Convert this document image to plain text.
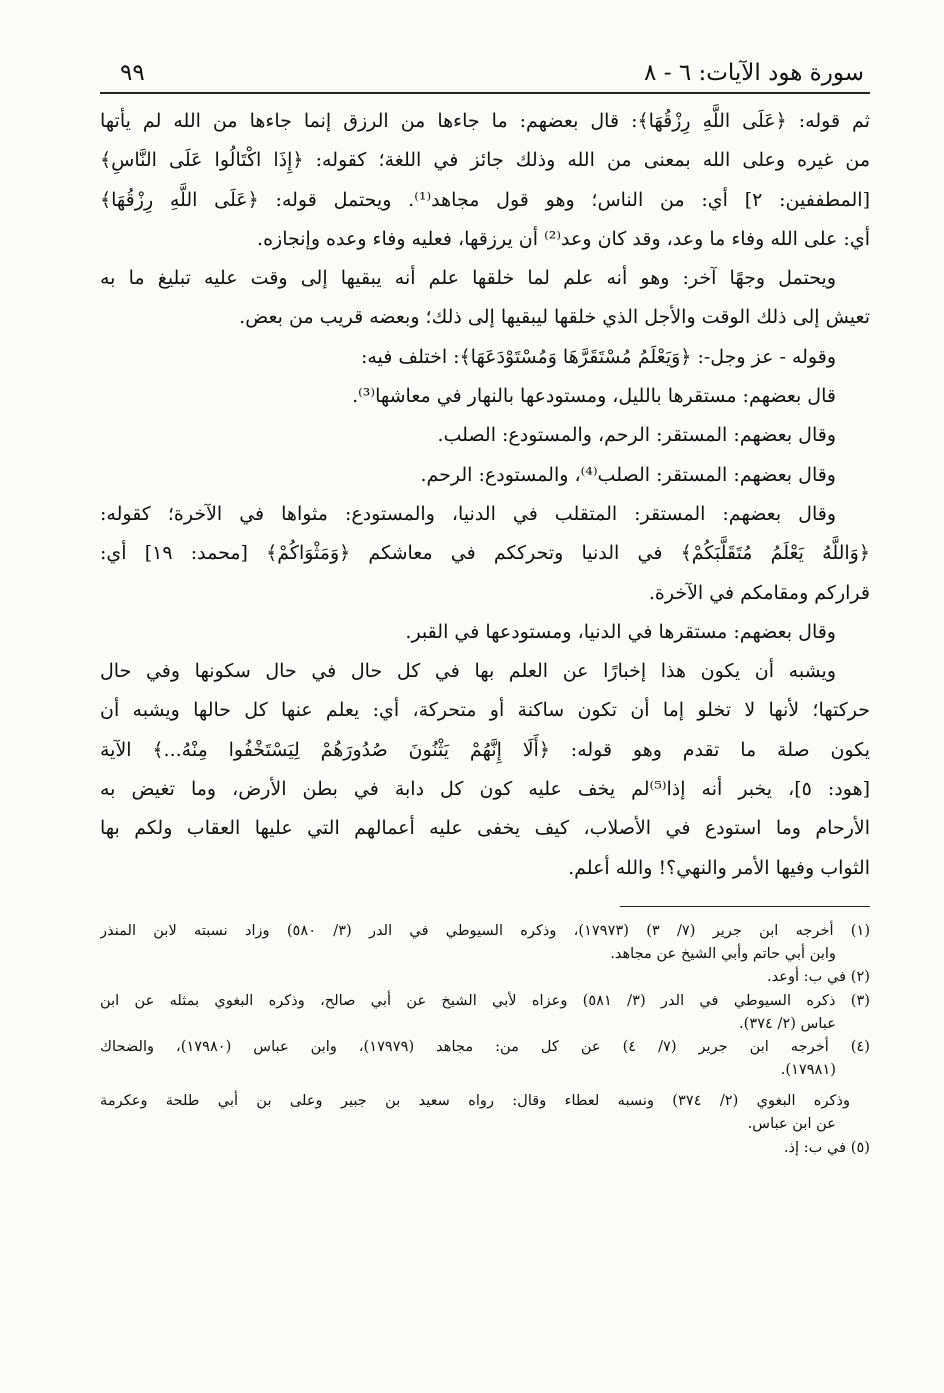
سورة هود الآيات: ٦ - ٨
٩٩
ثم قوله: ﴿عَلَى اللَّهِ رِزْقُهَا﴾: قال بعضهم: ما جاءها من الرزق إنما جاءها من الله لم يأتها
من غيره وعلى الله بمعنى من الله وذلك جائز في اللغة؛ كقوله: ﴿إِذَا اكْتَالُوا عَلَى النَّاسِ﴾
[المطففين: ٢] أي: من الناس؛ وهو قول مجاهد⁽¹⁾. ويحتمل قوله: ﴿عَلَى اللَّهِ رِزْقُهَا﴾
أي: على الله وفاء ما وعد، وقد كان وعد⁽²⁾ أن يرزقها، فعليه وفاء وعده وإنجازه.
ويحتمل وجهًا آخر: وهو أنه علم لما خلقها علم أنه يبقيها إلى وقت عليه تبليغ ما به
تعيش إلى ذلك الوقت والأجل الذي خلقها ليبقيها إلى ذلك؛ وبعضه قريب من بعض.
وقوله - عز وجل-: ﴿وَيَعْلَمُ مُسْتَقَرَّهَا وَمُسْتَوْدَعَهَا﴾: اختلف فيه:
قال بعضهم: مستقرها بالليل، ومستودعها بالنهار في معاشها⁽³⁾.
وقال بعضهم: المستقر: الرحم، والمستودع: الصلب.
وقال بعضهم: المستقر: الصلب⁽⁴⁾، والمستودع: الرحم.
وقال بعضهم: المستقر: المتقلب في الدنيا، والمستودع: مثواها في الآخرة؛ كقوله:
﴿وَاللَّهُ يَعْلَمُ مُتَقَلَّبَكُمْ﴾ في الدنيا وتحرككم في معاشكم ﴿وَمَثْوَاكُمْ﴾ [محمد: ١٩] أي:
قراركم ومقامكم في الآخرة.
وقال بعضهم: مستقرها في الدنيا، ومستودعها في القبر.
ويشبه أن يكون هذا إخبارًا عن العلم بها في كل حال في حال سكونها وفي حال
حركتها؛ لأنها لا تخلو إما أن تكون ساكنة أو متحركة، أي: يعلم عنها كل حالها ويشبه أن
يكون صلة ما تقدم وهو قوله: ﴿أَلَا إِنَّهُمْ يَثْنُونَ صُدُورَهُمْ لِيَسْتَخْفُوا مِنْهُ...﴾ الآية
[هود: ٥]، يخبر أنه إذا⁽⁵⁾لم يخف عليه كون كل دابة في بطن الأرض، وما تغيض به
الأرحام وما استودع في الأصلاب، كيف يخفى عليه أعمالهم التي عليها العقاب ولكم بها
الثواب وفيها الأمر والنهي؟! والله أعلم.
(١) أخرجه ابن جرير (٧/ ٣) (١٧٩٧٣)، وذكره السيوطي في الدر (٣/ ٥٨٠) وزاد نسبته لابن المنذر
وابن أبي حاتم وأبي الشيخ عن مجاهد.
(٢) في ب: أوعد.
(٣) ذكره السيوطي في الدر (٣/ ٥٨١) وعزاه لأبي الشيخ عن أبي صالح، وذكره البغوي بمثله عن ابن
عباس (٢/ ٣٧٤).
(٤) أخرجه ابن جرير (٧/ ٤) عن كل من: مجاهد (١٧٩٧٩)، وابن عباس (١٧٩٨٠)، والضحاك
(١٧٩٨١).
وذكره البغوي (٢/ ٣٧٤) ونسبه لعطاء وقال: رواه سعيد بن جبير وعلى بن أبي طلحة وعكرمة
عن ابن عباس.
(٥) في ب: إذ.
